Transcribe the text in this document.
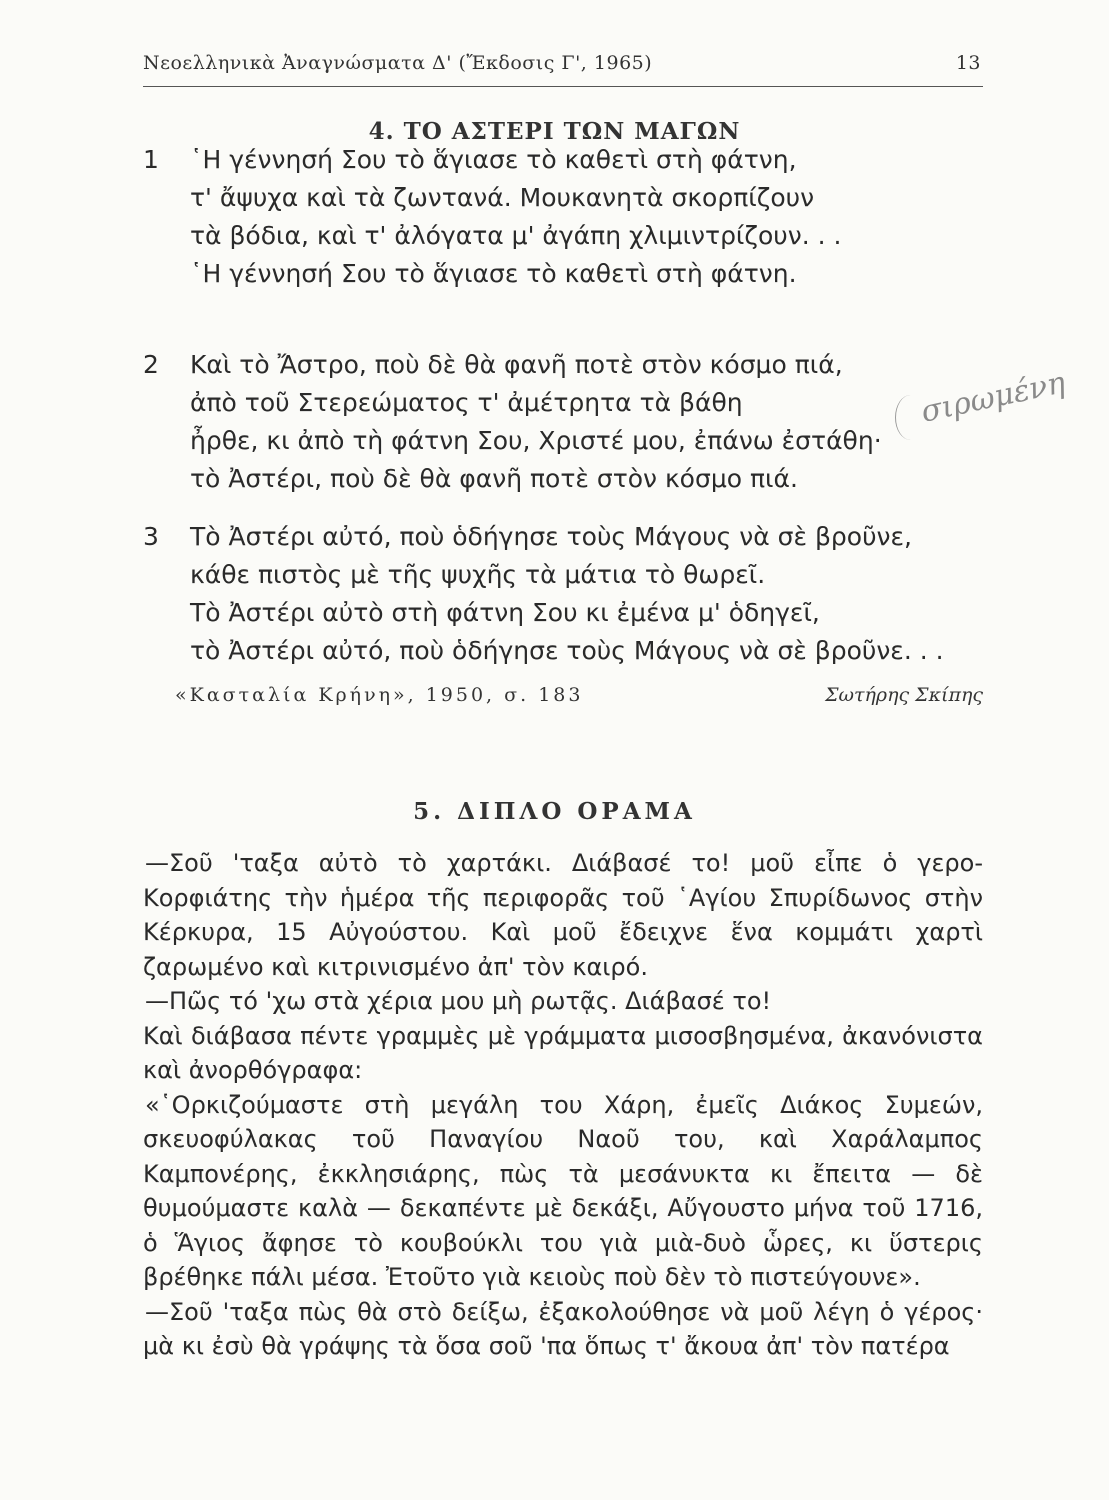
Νεοελληνικὰ Ἀναγνώσματα Δ' (Ἔκδοσις Γ', 1965)	13
4. ΤΟ ΑΣΤΕΡΙ ΤΩΝ ΜΑΓΩΝ
1 ῾Η γέννησή Σου τὸ ἅγιασε τὸ καθετὶ στὴ φάτνη,
τ' ἄψυχα καὶ τὰ ζωντανά. Μουκανητὰ σκορπίζουν
τὰ βόδια, καὶ τ' ἀλόγατα μ' ἀγάπη χλιμιντρίζουν. . .
῾Η γέννησή Σου τὸ ἅγιασε τὸ καθετὶ στὴ φάτνη.
2 Καὶ τὸ Ἄστρο, ποὺ δὲ θὰ φανῆ ποτὲ στὸν κόσμο πιά,
ἀπὸ τοῦ Στερεώματος τ' ἀμέτρητα τὰ βάθη
ἦρθε, κι ἀπὸ τὴ φάτνη Σου, Χριστέ μου, ἐπάνω ἐστάθη·
τὸ Ἀστέρι, ποὺ δὲ θὰ φανῆ ποτὲ στὸν κόσμο πιά.
3 Τὸ Ἀστέρι αὐτό, ποὺ ὁδήγησε τοὺς Μάγους νὰ σὲ βροῦνε,
κάθε πιστὸς μὲ τῆς ψυχῆς τὰ μάτια τὸ θωρεῖ.
Τὸ Ἀστέρι αὐτὸ στὴ φάτνη Σου κι ἐμένα μ' ὁδηγεῖ,
τὸ Ἀστέρι αὐτό, ποὺ ὁδήγησε τοὺς Μάγους νὰ σὲ βροῦνε. . .
σιρωμένη
«Κασταλία Κρήνη», 1950, σ. 183	Σωτήρης Σκίπης
5. ΔΙΠΛΟ ΟΡΑΜΑ

—Σοῦ 'ταξα αὐτὸ τὸ χαρτάκι. Διάβασέ το! μοῦ εἶπε ὁ γερο-Κορφιάτης τὴν ἡμέρα τῆς περιφορᾶς τοῦ ῾Αγίου Σπυρίδωνος στὴν Κέρκυρα, 15 Αὐγούστου. Καὶ μοῦ ἔδειχνε ἕνα κομμάτι χαρτὶ ζαρωμένο καὶ κιτρινισμένο ἀπ' τὸν καιρό.

—Πῶς τό 'χω στὰ χέρια μου μὴ ρωτᾷς. Διάβασέ το!

Καὶ διάβασα πέντε γραμμὲς μὲ γράμματα μισοσβησμένα, ἀκανόνιστα καὶ ἀνορθόγραφα:

«῾Ορκιζούμαστε στὴ μεγάλη του Χάρη, ἐμεῖς Διάκος Συμεών, σκευοφύλακας τοῦ Παναγίου Ναοῦ του, καὶ Χαράλαμπος Καμπονέρης, ἐκκλησιάρης, πὼς τὰ μεσάνυκτα κι ἔπειτα — δὲ θυμούμαστε καλὰ — δεκαπέντε μὲ δεκάξι, Αὔγουστο μήνα τοῦ 1716, ὁ Ἅγιος ἄφησε τὸ κουβούκλι του γιὰ μιὰ-δυὸ ὧρες, κι ὕστερις βρέθηκε πάλι μέσα. Ἐτοῦτο γιὰ κειοὺς ποὺ δὲν τὸ πιστεύγουνε».

—Σοῦ 'ταξα πὼς θὰ στὸ δείξω, ἐξακολούθησε νὰ μοῦ λέγη ὁ γέρος· μὰ κι ἐσὺ θὰ γράψης τὰ ὅσα σοῦ 'πα ὅπως τ' ἄκουα ἀπ' τὸν πατέρα
